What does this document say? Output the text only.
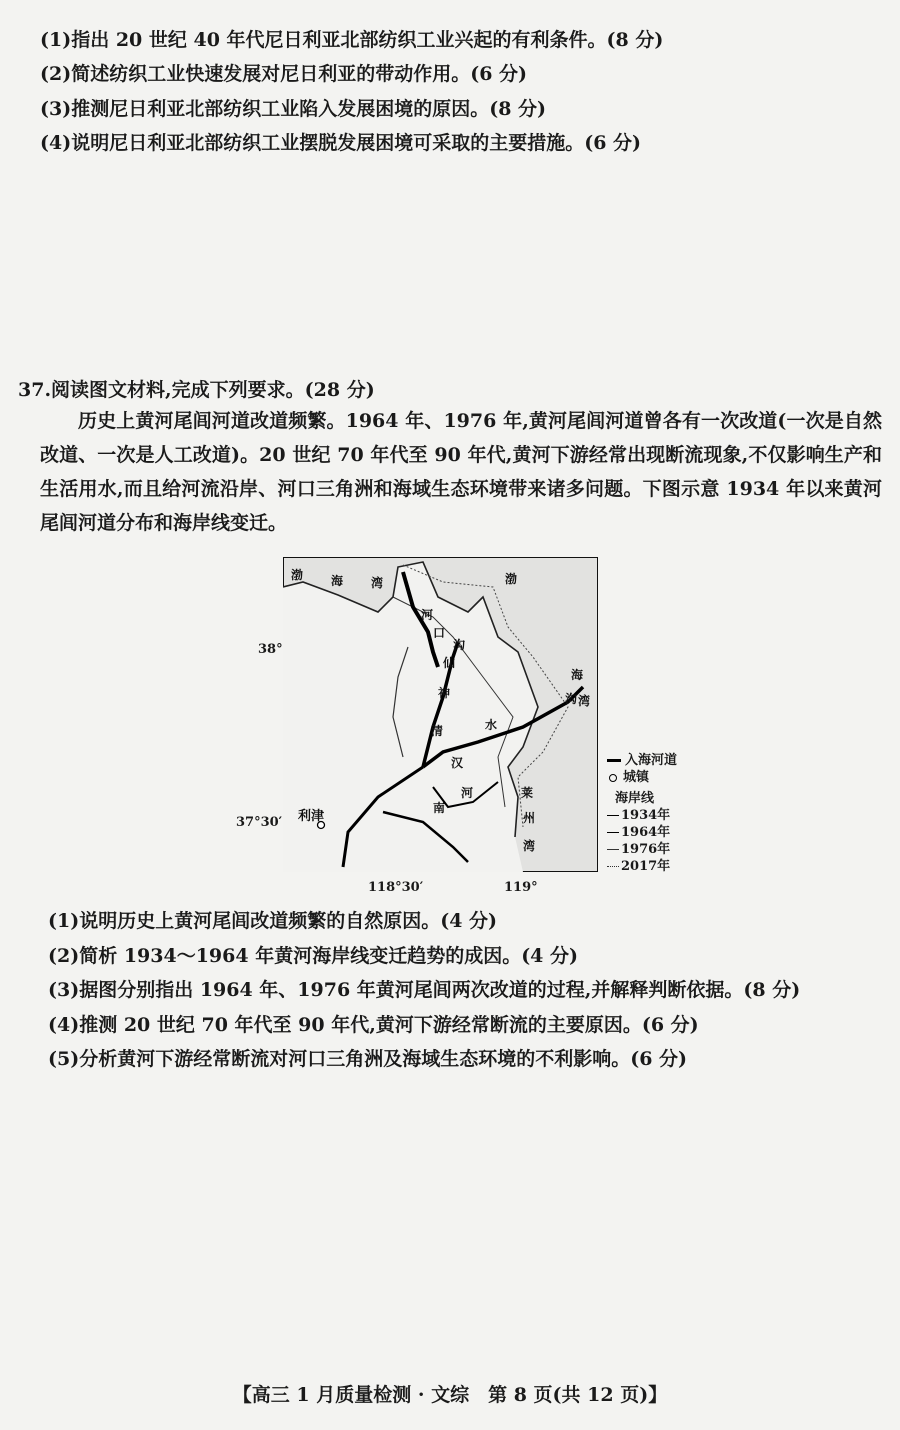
(1)指出 20 世纪 40 年代尼日利亚北部纺织工业兴起的有利条件。(8 分)
(2)简述纺织工业快速发展对尼日利亚的带动作用。(6 分)
(3)推测尼日利亚北部纺织工业陷入发展困境的原因。(8 分)
(4)说明尼日利亚北部纺织工业摆脱发展困境可采取的主要措施。(6 分)
37.阅读图文材料,完成下列要求。(28 分)
历史上黄河尾闾河道改道频繁。1964 年、1976 年,黄河尾闾河道曾各有一次改道(一次是自然改道、一次是人工改道)。20 世纪 70 年代至 90 年代,黄河下游经常出现断流现象,不仅影响生产和生活用水,而且给河流沿岸、河口三角洲和海域生态环境带来诸多问题。下图示意 1934 年以来黄河尾闾河道分布和海岸线变迁。
渤 海 湾	渤
海
湾
河
口
沟
仙
神
清	水
沟
河
南
汉
莱
州
湾
利津
38°
37°30′
118°30′	119°
入海河道
城镇
海岸线
1934年
1964年
1976年
2017年
(1)说明历史上黄河尾闾改道频繁的自然原因。(4 分)
(2)简析 1934～1964 年黄河海岸线变迁趋势的成因。(4 分)
(3)据图分别指出 1964 年、1976 年黄河尾闾两次改道的过程,并解释判断依据。(8 分)
(4)推测 20 世纪 70 年代至 90 年代,黄河下游经常断流的主要原因。(6 分)
(5)分析黄河下游经常断流对河口三角洲及海域生态环境的不利影响。(6 分)
【高三 1 月质量检测 · 文综　第 8 页(共 12 页)】
